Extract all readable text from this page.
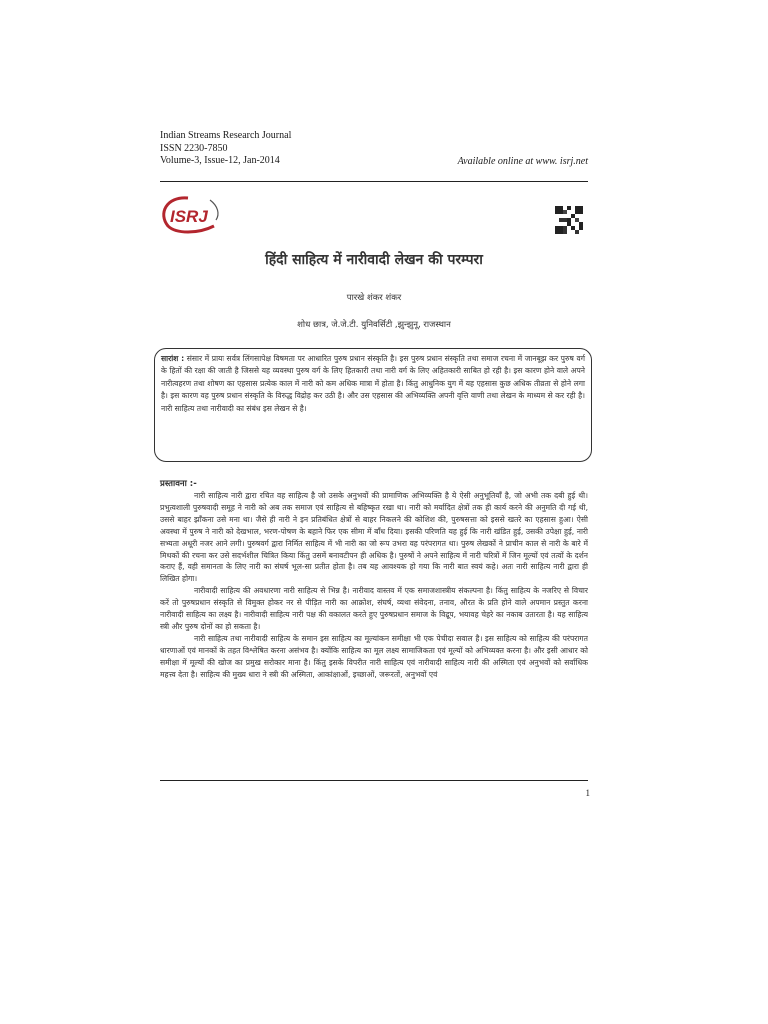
Indian Streams Research Journal
ISSN 2230-7850
Volume-3, Issue-12, Jan-2014	Available online at www. isrj.net
ISRJ
हिंदी साहित्य में नारीवादी लेखन की परम्परा
पारखे शंकर शंकर
शोध छात्र, जे.जे.टी. युनिवर्सिटी ,झुन्झुनू, राजस्थान
सारांश : संसार में प्रायः सर्वत्र लिंगसापेक्ष विषमता पर आधारित पुरुष प्रधान संस्कृति है। इस पुरुष प्रधान संस्कृति तथा समाज रचना में जानबूझ कर पुरुष वर्ग के हितों की रक्षा की जाती है जिससे यह व्यवस्था पुरुष वर्ग के लिए हितकारी तथा नारी वर्ग के लिए अहितकारी साबित हो रही है। इस कारण होने वाले अपने नारीत्वहरण तथा शोषण का एहसास प्रत्येक काल में नारी को कम अधिक मात्रा में होता है। किंतु आधुनिक युग में यह एहसास कुछ अधिक तीव्रता से होने लगा है। इस कारण वह पुरुष प्रधान संस्कृति के विरुद्ध विद्रोह कर उठी है। और उस एहसास की अभिव्यक्ति अपनी वृत्ति वाणी तथा लेखन के माध्यम से कर रही है। नारी साहित्य तथा नारीवादी का संबंध इस लेखन से है।
प्रस्तावना :-

नारी साहित्य नारी द्वारा रचित वह साहित्य है जो उसके अनुभवों की प्रामाणिक अभिव्यक्ति है ये ऐसी अनुभूतियाँ है, जो अभी तक दबी हुई थी। प्रभुत्वशाली पुरुषवादी समूह ने नारी को अब तक समाज एवं साहित्य से बहिष्कृत रखा था। नारी को मर्यादित क्षेत्रों तक ही कार्य करने की अनुमति दी गई थी, उससे बाहर झाँकना उसे मना था। जैसे ही नारी ने इन प्रतिबंधित क्षेत्रों से बाहर निकलने की कोशिश की, पुरुषसत्ता को इससे खतरे का एहसास हुआ। ऐसी अवस्था में पुरुष ने नारी को देखभाल, भरण-पोषण के बहाने फिर एक सीमा में बाँध दिया। इसकी परिणति यह हुई कि नारी खंडित हुई, उसकी उपेक्षा हुई, नारी सभ्यता अधूरी नजर आने लगी। पुरुषवर्ग द्वारा निर्मित साहित्य में भी नारी का जो रूप उभरा वह परंपरागत था। पुरुष लेखकों ने प्राचीन काल से नारी के बारे में मिथकों की रचना कर उसे सदर्भशील चित्रित किया किंतु उसमें बनावटीपन ही अधिक है। पुरुषों ने अपने साहित्य में नारी चरित्रों में जिन मूल्यों एवं तत्वों के दर्शन कराए हैं, वही समानता के लिए नारी का संघर्ष भूल-सा प्रतीत होता है। तब यह आवश्यक हो गया कि नारी बात स्वयं कहे। अतः नारी साहित्य नारी द्वारा ही लिखित होगा।

नारीवादी साहित्य की अवधारणा नारी साहित्य से भिन्न है। नारीवाद वास्तव में एक समाजशास्त्रीय संकल्पना है। किंतु साहित्य के नजरिए से विचार करें तो पुरुषप्रधान संस्कृति से विमुक्त होकर नर से पीड़ित नारी का आक्रोश, संघर्ष, व्यथा संवेदना, तनाव, औरत के प्रति होने वाले अपमान प्रस्तुत करना नारीवादी साहित्य का लक्ष्य है। नारीवादी साहित्य नारी पक्ष की वकालत करते हुए पुरुषप्रधान समाज के विद्रूप, भयावह चेहरे का नकाब उतारता है। यह साहित्य स्त्री और पुरुष दोनों का हो सकता है।

नारी साहित्य तथा नारीवादी साहित्य के समान इस साहित्य का मूल्यांकन समीक्षा भी एक पेचीदा सवाल है। इस साहित्य को साहित्य की परंपरागत धारणाओं एवं मानकों के तहत विश्लेषित करना असंभव है। क्योंकि साहित्य का मूल लक्ष्य सामाजिकता एवं मूल्यों को अभिव्यक्त करना है। और इसी आधार को समीक्षा में मूल्यों की खोज का प्रमुख सरोकार माना है। किंतु इसके विपरीत नारी साहित्य एवं नारीवादी साहित्य नारी की अस्मिता एवं अनुभवों को सर्वाधिक महत्त्व देता है। साहित्य की मुख्य धारा ने स्त्री की अस्मिता, आकांक्षाओं, इच्छाओं, जरूरतों, अनुभवों एवं

1
